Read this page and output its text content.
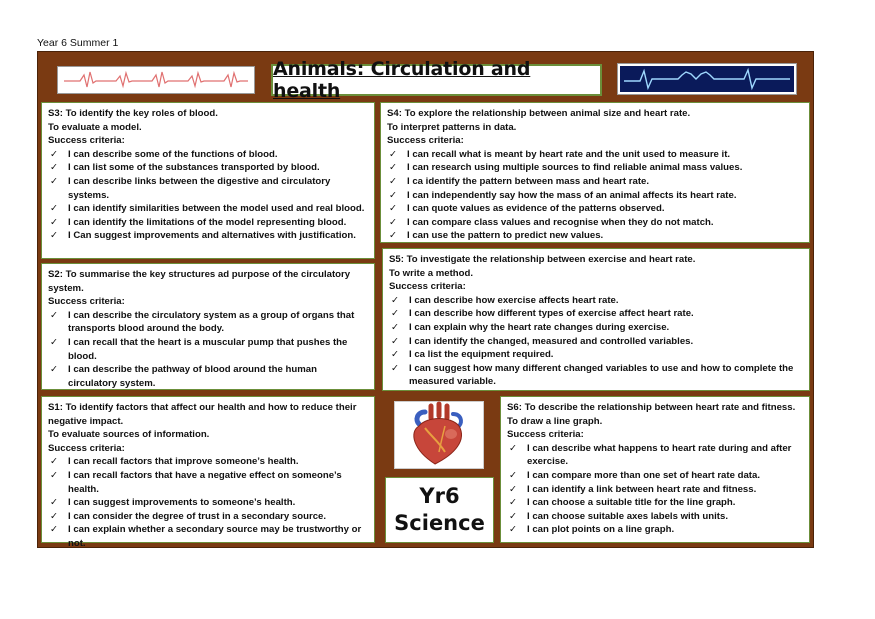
Year 6 Summer 1
Animals: Circulation and health

S3: To identify the key roles of blood.

To evaluate a model.

Success criteria:

✓ I can describe some of the functions of blood.
✓ I can list some of the substances transported by blood.
✓ I can describe links between the digestive and circulatory systems.
✓ I can identify similarities between the model used and real blood.
✓ I can identify the limitations of the model representing blood.
✓ I Can suggest improvements and alternatives with justification.

S4: To explore the relationship between animal size and heart rate.

To interpret patterns in data.

Success criteria:

✓ I can recall what is meant by heart rate and the unit used to measure it.
✓ I can research using multiple sources to find reliable animal mass values.
✓ I ca identify the pattern between mass and heart rate.
✓ I can independently say how the mass of an animal affects its heart rate.
✓ I can quote values as evidence of the patterns observed.
✓ I can compare class values and recognise when they do not match.
✓ I can use the pattern to predict new values.

S2: To summarise the key structures ad purpose of the circulatory system.

Success criteria:

✓ I can describe the circulatory system as a group of organs that transports blood around the body.
✓ I can recall that the heart is a muscular pump that pushes the blood.
✓ I can describe the pathway of blood around the human circulatory system.

S5: To investigate the relationship between exercise and heart rate.

To write a method.

Success criteria:

✓ I can describe how exercise affects heart rate.
✓ I can describe how different types of exercise affect heart rate.
✓ I can explain why the heart rate changes during exercise.
✓ I can identify the changed, measured and controlled variables.
✓ I ca list the equipment required.
✓ I can suggest how many different changed variables to use and how to complete the measured variable.

S1: To identify factors that affect our health and how to reduce their negative impact.

To evaluate sources of information.

Success criteria:

✓ I can recall factors that improve someone’s health.
✓ I can recall factors that have a negative effect on someone’s health.
✓ I can suggest improvements to someone’s health.
✓ I can consider the degree of trust in a secondary source.
✓ I can explain whether a secondary source may be trustworthy or not.
Yr6
Science

S6: To describe the relationship between heart rate and fitness.

To draw a line graph.

Success criteria:

✓ I can describe what happens to heart rate during and after exercise.
✓ I can compare more than one set of heart rate data.
✓ I can identify a link between heart rate and fitness.
✓ I can choose a suitable title for the line graph.
✓ I can choose suitable axes labels with units.
✓ I can plot points on a line graph.
